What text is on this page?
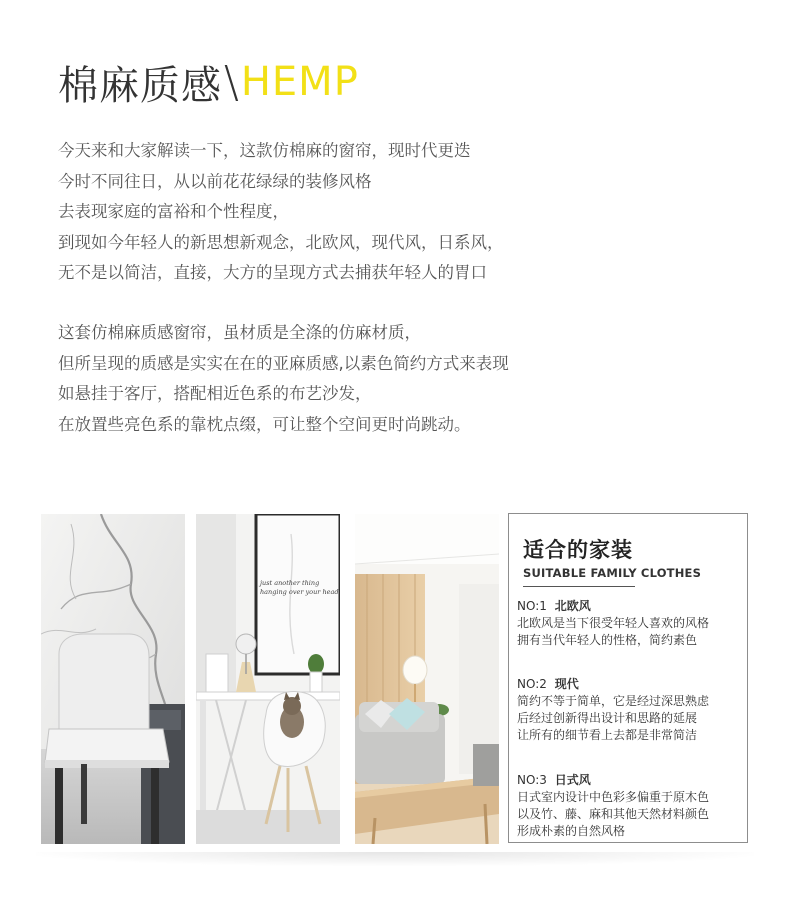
棉麻质感 \ HEMP
今天来和大家解读一下，这款仿棉麻的窗帘，现时代更迭
今时不同往日，从以前花花绿绿的装修风格
去表现家庭的富裕和个性程度，
到现如今年轻人的新思想新观念，北欧风，现代风，日系风，
无不是以简洁，直接，大方的呈现方式去捕获年轻人的胃口
这套仿棉麻质感窗帘，虽材质是全涤的仿麻材质，
但所呈现的质感是实实在在的亚麻质感,以素色简约方式来表现
如悬挂于客厅，搭配相近色系的布艺沙发，
在放置些亮色系的靠枕点缀，可让整个空间更时尚跳动。
just another thing
hanging over your head
适合的家装
SUITABLE FAMILY CLOTHES
NO:1 北欧风
北欧风是当下很受年轻人喜欢的风格
拥有当代年轻人的性格，简约素色
NO:2 现代
简约不等于简单，它是经过深思熟虑
后经过创新得出设计和思路的延展
让所有的细节看上去都是非常简洁
NO:3 日式风
日式室内设计中色彩多偏重于原木色
以及竹、藤、麻和其他天然材料颜色
形成朴素的自然风格
